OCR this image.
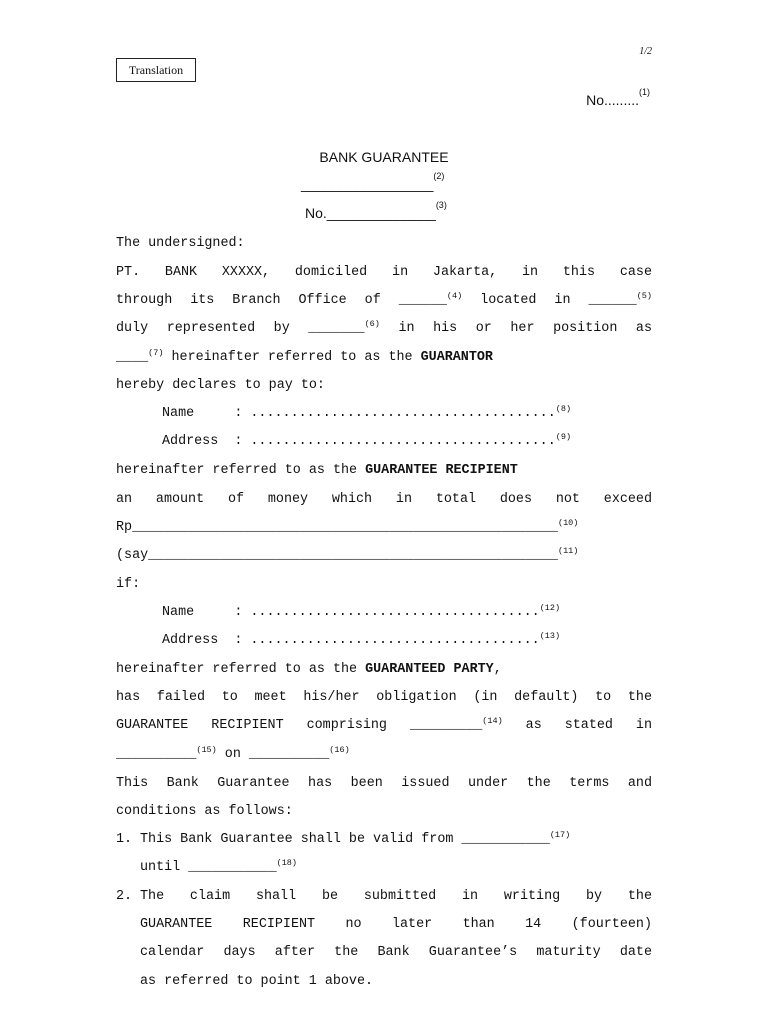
1/2
Translation
No.........$^{(1)}$
BANK GUARANTEE
_________________$^{(2)}$
No.______________$^{(3)}$
The undersigned:
PT. BANK XXXXX, domiciled in Jakarta, in this case
through its Branch Office of ______$^{(4)}$ located in ______$^{(5)}$
duly represented by _______$^{(6)}$ in his or her position as
____$^{(7)}$ hereinafter referred to as the GUARANTOR
hereby declares to pay to:
Name     : ......................................$^{(8)}$
Address  : ......................................$^{(9)}$
hereinafter referred to as the GUARANTEE RECIPIENT
an amount of money which in total does not exceed
Rp_____________________________________________________$^{(10)}$
(say___________________________________________________$^{(11)}$
if:
Name     : ....................................$^{(12)}$
Address  : ....................................$^{(13)}$
hereinafter referred to as the GUARANTEED PARTY,
has failed to meet his/her obligation (in default) to the
GUARANTEE RECIPIENT comprising _________$^{(14)}$ as stated in
__________$^{(15)}$ on __________$^{(16)}$
This Bank Guarantee has been issued under the terms and
conditions as follows:
1. This Bank Guarantee shall be valid from ___________$^{(17)}$
until ___________$^{(18)}$
2. The claim shall be submitted in writing by the
GUARANTEE RECIPIENT no later than 14 (fourteen)
calendar days after the Bank Guarantee’s maturity date
as referred to point 1 above.
